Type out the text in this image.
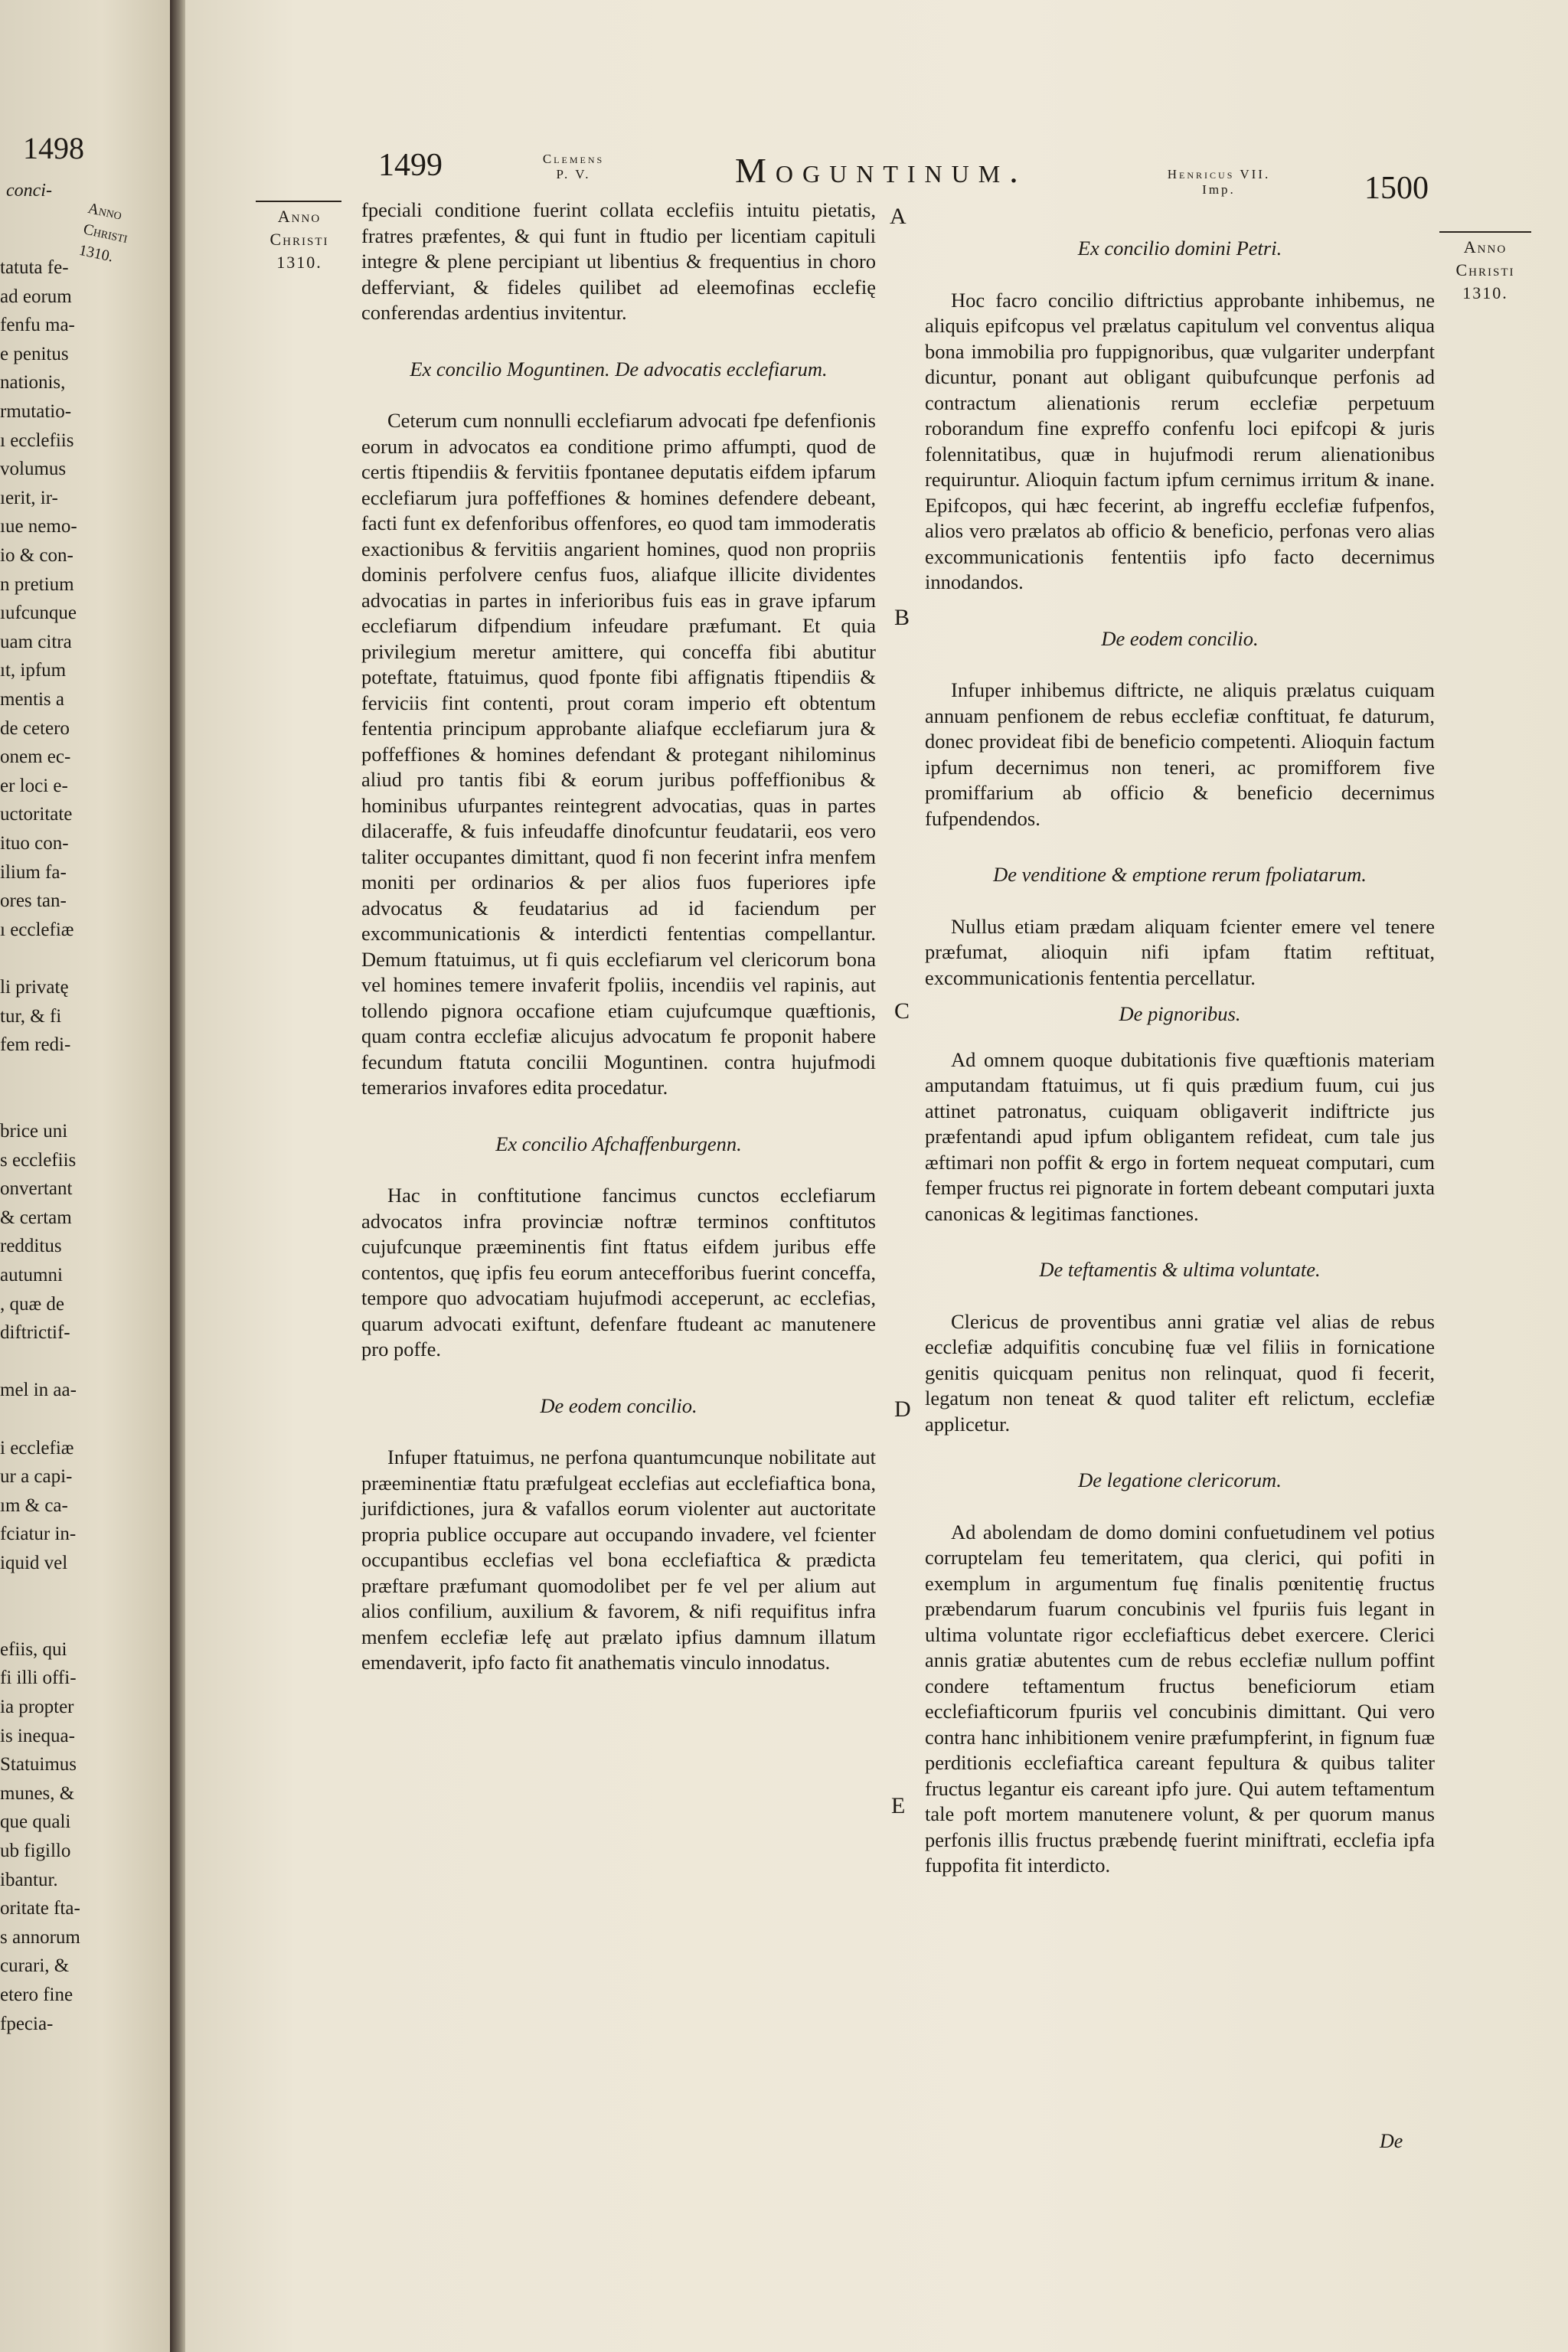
1498
conci-
Anno
Christi
1310.
tatuta fe-
ad eorum
fenfu ma-
e penitus
nationis,
rmutatio-
ı ecclefiis
volumus
ıerit, ir-
ıue nemo-
io & con-
n pretium
ıufcunque
uam citra
ıt, ipfum
mentis a
de cetero
onem ec-
er loci e-
uctoritate
ituo con-
ilium fa-
ores tan-
ı ecclefiæ
li privatę
tur, & fi
fem redi-
brice uni
s ecclefiis
onvertant
& certam
redditus
autumni
, quæ de
diftrictif-
mel in aa-
i ecclefiæ
ur a capi-
ım & ca-
fciatur in-
iquid vel
efiis, qui
fi illi offi-
ia propter
is inequa-
Statuimus
munes, &
que quali
ub figillo
ibantur.
oritate fta-
s annorum
curari, &
etero fine
fpecia-
1499	Clemens
P. V.	Moguntinum.	Henricus VII.
Imp.	1500
Anno
Christi
1310.
Anno
Christi
1310.
A
B
C
D
E

fpeciali conditione fuerint collata ecclefiis intuitu pietatis, fratres præfentes, & qui funt in ftudio per licentiam capituli integre & plene percipiant ut libentius & frequentius in choro defferviant, & fideles quilibet ad eleemofinas ecclefię conferendas ardentius invitentur.

Ex concilio Moguntinen. De advocatis ecclefiarum.

Ceterum cum nonnulli ecclefiarum advocati fpe defenfionis eorum in advocatos ea conditione primo affumpti, quod de certis ftipendiis & fervitiis fpontanee deputatis eifdem ipfarum ecclefiarum jura poffeffiones & homines defendere debeant, facti funt ex defenforibus offenfores, eo quod tam immoderatis exactionibus & fervitiis angarient homines, quod non propriis dominis perfolvere cenfus fuos, aliafque illicite dividentes advocatias in partes in inferioribus fuis eas in grave ipfarum ecclefiarum difpendium infeudare præfumant. Et quia privilegium meretur amittere, qui conceffa fibi abutitur poteftate, ftatuimus, quod fponte fibi affignatis ftipendiis & ferviciis fint contenti, prout coram imperio eft obtentum fententia principum approbante aliafque ecclefiarum jura & poffeffiones & homines defendant & protegant nihilominus aliud pro tantis fibi & eorum juribus poffeffionibus & hominibus ufurpantes reintegrent advocatias, quas in partes dilaceraffe, & fuis infeudaffe dinofcuntur feudatarii, eos vero taliter occupantes dimittant, quod fi non fecerint infra menfem moniti per ordinarios & per alios fuos fuperiores ipfe advocatus & feudatarius ad id faciendum per excommunicationis & interdicti fententias compellantur. Demum ftatuimus, ut fi quis ecclefiarum vel clericorum bona vel homines temere invaferit fpoliis, incendiis vel rapinis, aut tollendo pignora occafione etiam cujufcumque quæftionis, quam contra ecclefiæ alicujus advocatum fe proponit habere fecundum ftatuta concilii Moguntinen. contra hujufmodi temerarios invafores edita procedatur.

Ex concilio Afchaffenburgenn.

Hac in conftitutione fancimus cunctos ecclefiarum advocatos infra provinciæ noftræ terminos conftitutos cujufcunque præeminentis fint ftatus eifdem juribus effe contentos, quę ipfis feu eorum antecefforibus fuerint conceffa, tempore quo advocatiam hujufmodi acceperunt, ac ecclefias, quarum advocati exiftunt, defenfare ftudeant ac manutenere pro poffe.

De eodem concilio.

Infuper ftatuimus, ne perfona quantumcunque nobilitate aut præeminentiæ ftatu præfulgeat ecclefias aut ecclefiaftica bona, jurifdictiones, jura & vafallos eorum violenter aut auctoritate propria publice occupare aut occupando invadere, vel fcienter occupantibus ecclefias vel bona ecclefiaftica & prædicta præftare præfumant quomodolibet per fe vel per alium aut alios confilium, auxilium & favorem, & nifi requifitus infra menfem ecclefiæ lefę aut prælato ipfius damnum illatum emendaverit, ipfo facto fit anathematis vinculo innodatus.

Ex concilio domini Petri.

Hoc facro concilio diftrictius approbante inhibemus, ne aliquis epifcopus vel prælatus capitulum vel conventus aliqua bona immobilia pro fuppignoribus, quæ vulgariter underpfant dicuntur, ponant aut obligant quibufcunque perfonis ad contractum alienationis rerum ecclefiæ perpetuum roborandum fine expreffo confenfu loci epifcopi & juris folennitatibus, quæ in hujufmodi rerum alienationibus requiruntur. Alioquin factum ipfum cernimus irritum & inane. Epifcopos, qui hæc fecerint, ab ingreffu ecclefiæ fufpenfos, alios vero prælatos ab officio & beneficio, perfonas vero alias excommunicationis fententiis ipfo facto decernimus innodandos.

De eodem concilio.

Infuper inhibemus diftricte, ne aliquis prælatus cuiquam annuam penfionem de rebus ecclefiæ conftituat, fe daturum, donec provideat fibi de beneficio competenti. Alioquin factum ipfum decernimus non teneri, ac promifforem five promiffarium ab officio & beneficio decernimus fufpendendos.

De venditione & emptione rerum fpoliatarum.

Nullus etiam prædam aliquam fcienter emere vel tenere præfumat, alioquin nifi ipfam ftatim reftituat, excommunicationis fententia percellatur.

De pignoribus.

Ad omnem quoque dubitationis five quæftionis materiam amputandam ftatuimus, ut fi quis prædium fuum, cui jus attinet patronatus, cuiquam obligaverit indiftricte jus præfentandi apud ipfum obligantem refideat, cum tale jus æftimari non poffit & ergo in fortem nequeat computari, cum femper fructus rei pignorate in fortem debeant computari juxta canonicas & legitimas fanctiones.

De teftamentis & ultima voluntate.

Clericus de proventibus anni gratiæ vel alias de rebus ecclefiæ adquifitis concubinę fuæ vel filiis in fornicatione genitis quicquam penitus non relinquat, quod fi fecerit, legatum non teneat & quod taliter eft relictum, ecclefiæ applicetur.

De legatione clericorum.

Ad abolendam de domo domini confuetudinem vel potius corruptelam feu temeritatem, qua clerici, qui pofiti in exemplum in argumentum fuę finalis pœnitentię fructus præbendarum fuarum concubinis vel fpuriis fuis legant in ultima voluntate rigor ecclefiafticus debet exercere. Clerici annis gratiæ abutentes cum de rebus ecclefiæ nullum poffint condere teftamentum fructus beneficiorum etiam ecclefiafticorum fpuriis vel concubinis dimittant. Qui vero contra hanc inhibitionem venire præfumpferint, in fignum fuæ perditionis ecclefiaftica careant fepultura & quibus taliter fructus legantur eis careant ipfo jure. Qui autem teftamentum tale poft mortem manutenere volunt, & per quorum manus perfonis illis fructus præbendę fuerint miniftrati, ecclefia ipfa fuppofita fit interdicto.

De
